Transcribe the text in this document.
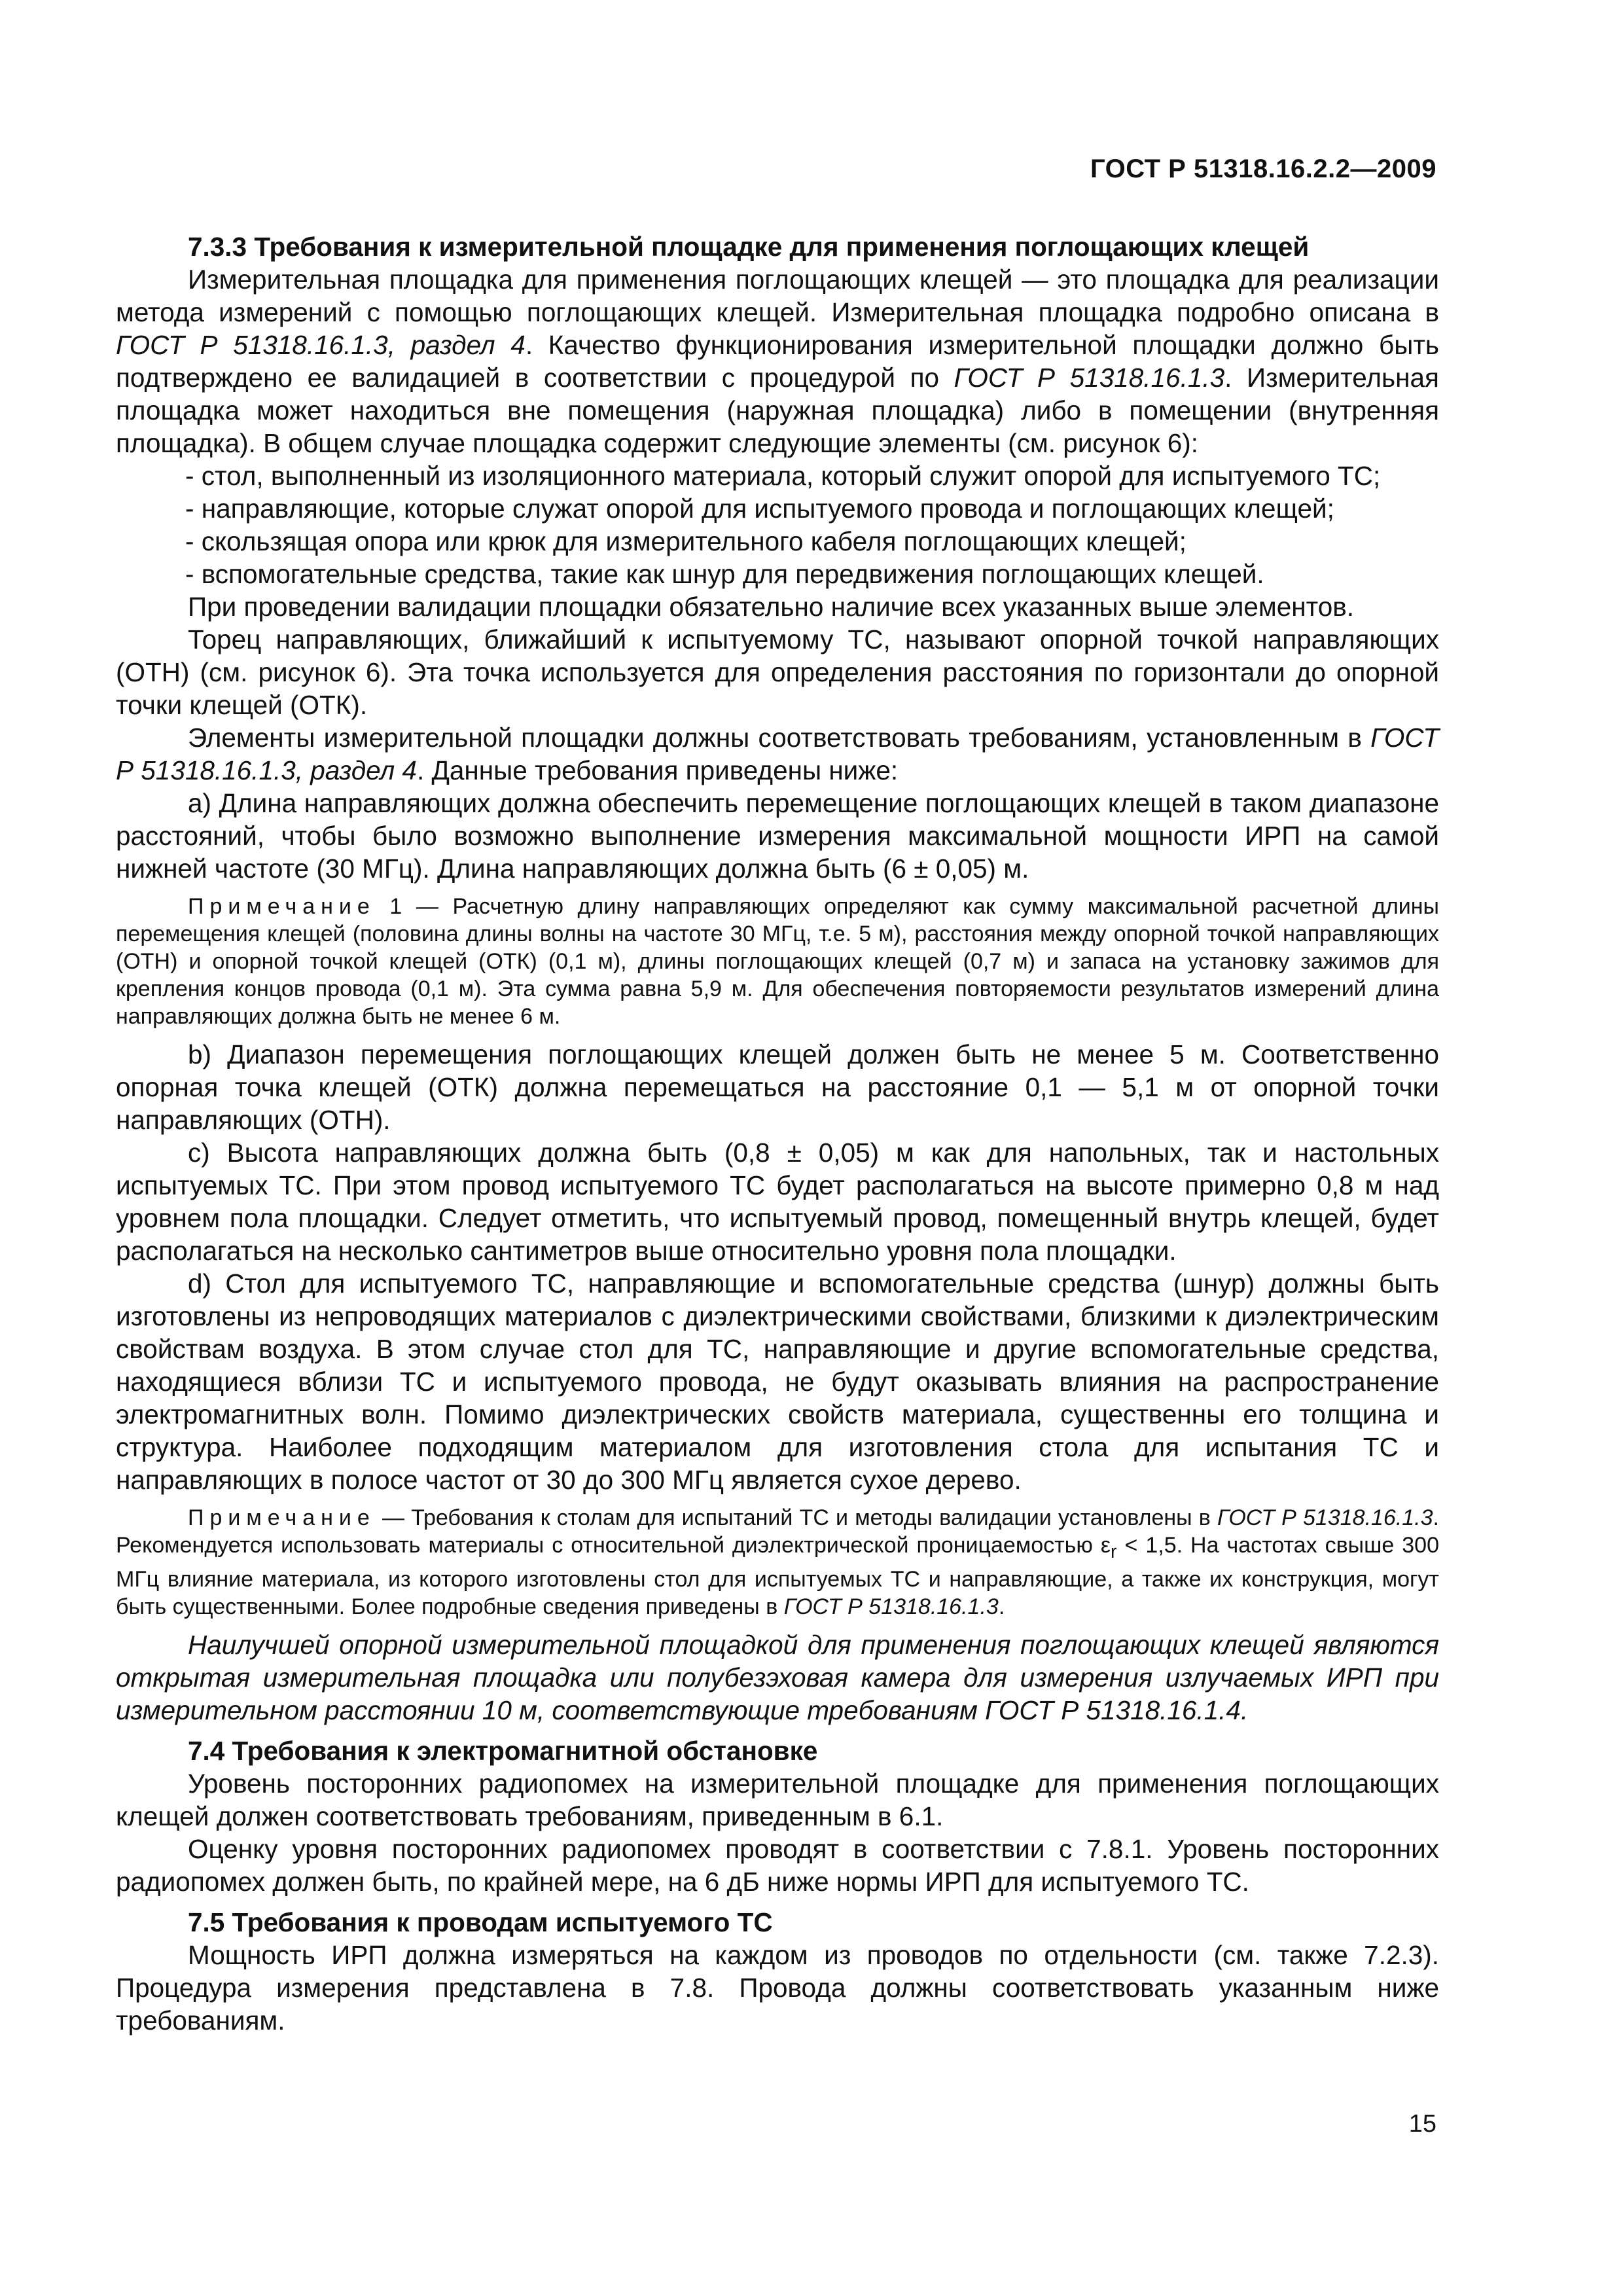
ГОСТ Р 51318.16.2.2—2009
7.3.3 Требования к измерительной площадке для применения поглощающих клещей

Измерительная площадка для применения поглощающих клещей — это площадка для реализации метода измерений с помощью поглощающих клещей. Измерительная площадка подробно описана в ГОСТ Р 51318.16.1.3, раздел 4. Качество функционирования измерительной площадки должно быть подтверждено ее валидацией в соответствии с процедурой по ГОСТ Р 51318.16.1.3. Измерительная площадка может находиться вне помещения (наружная площадка) либо в помещении (внутренняя площадка). В общем случае площадка содержит следующие элементы (см. рисунок 6):

- стол, выполненный из изоляционного материала, который служит опорой для испытуемого ТС;

- направляющие, которые служат опорой для испытуемого провода и поглощающих клещей;

- скользящая опора или крюк для измерительного кабеля поглощающих клещей;

- вспомогательные средства, такие как шнур для передвижения поглощающих клещей.

При проведении валидации площадки обязательно наличие всех указанных выше элементов.

Торец направляющих, ближайший к испытуемому ТС, называют опорной точкой направляющих (ОТН) (см. рисунок 6). Эта точка используется для определения расстояния по горизонтали до опорной точки клещей (ОТК).

Элементы измерительной площадки должны соответствовать требованиям, установленным в ГОСТ Р 51318.16.1.3, раздел 4. Данные требования приведены ниже:

а) Длина направляющих должна обеспечить перемещение поглощающих клещей в таком диапазоне расстояний, чтобы было возможно выполнение измерения максимальной мощности ИРП на самой нижней частоте (30 МГц). Длина направляющих должна быть (6 ± 0,05) м.

Примечание 1 — Расчетную длину направляющих определяют как сумму максимальной расчетной длины перемещения клещей (половина длины волны на частоте 30 МГц, т.е. 5 м), расстояния между опорной точкой направляющих (ОТН) и опорной точкой клещей (ОТК) (0,1 м), длины поглощающих клещей (0,7 м) и запаса на установку зажимов для крепления концов провода (0,1 м). Эта сумма равна 5,9 м. Для обеспечения повторяемости результатов измерений длина направляющих должна быть не менее 6 м.

b) Диапазон перемещения поглощающих клещей должен быть не менее 5 м. Соответственно опорная точка клещей (ОТК) должна перемещаться на расстояние 0,1 — 5,1 м от опорной точки направляющих (ОТН).

c) Высота направляющих должна быть (0,8 ± 0,05) м как для напольных, так и настольных испытуемых ТС. При этом провод испытуемого ТС будет располагаться на высоте примерно 0,8 м над уровнем пола площадки. Следует отметить, что испытуемый провод, помещенный внутрь клещей, будет располагаться на несколько сантиметров выше относительно уровня пола площадки.

d) Стол для испытуемого ТС, направляющие и вспомогательные средства (шнур) должны быть изготовлены из непроводящих материалов с диэлектрическими свойствами, близкими к диэлектрическим свойствам воздуха. В этом случае стол для ТС, направляющие и другие вспомогательные средства, находящиеся вблизи ТС и испытуемого провода, не будут оказывать влияния на распространение электромагнитных волн. Помимо диэлектрических свойств материала, существенны его толщина и структура. Наиболее подходящим материалом для изготовления стола для испытания ТС и направляющих в полосе частот от 30 до 300 МГц является сухое дерево.

Примечание — Требования к столам для испытаний ТС и методы валидации установлены в ГОСТ Р 51318.16.1.3. Рекомендуется использовать материалы с относительной диэлектрической проницаемостью $\varepsilon_r < 1,5$. На частотах свыше 300 МГц влияние материала, из которого изготовлены стол для испытуемых ТС и направляющие, а также их конструкция, могут быть существенными. Более подробные сведения приведены в ГОСТ Р 51318.16.1.3.

Наилучшей опорной измерительной площадкой для применения поглощающих клещей являются открытая измерительная площадка или полубезэховая камера для измерения излучаемых ИРП при измерительном расстоянии 10 м, соответствующие требованиям ГОСТ Р 51318.16.1.4.

7.4 Требования к электромагнитной обстановке

Уровень посторонних радиопомех на измерительной площадке для применения поглощающих клещей должен соответствовать требованиям, приведенным в 6.1.

Оценку уровня посторонних радиопомех проводят в соответствии с 7.8.1. Уровень посторонних радиопомех должен быть, по крайней мере, на 6 дБ ниже нормы ИРП для испытуемого ТС.

7.5 Требования к проводам испытуемого ТС

Мощность ИРП должна измеряться на каждом из проводов по отдельности (см. также 7.2.3). Процедура измерения представлена в 7.8. Провода должны соответствовать указанным ниже требованиям.

15
